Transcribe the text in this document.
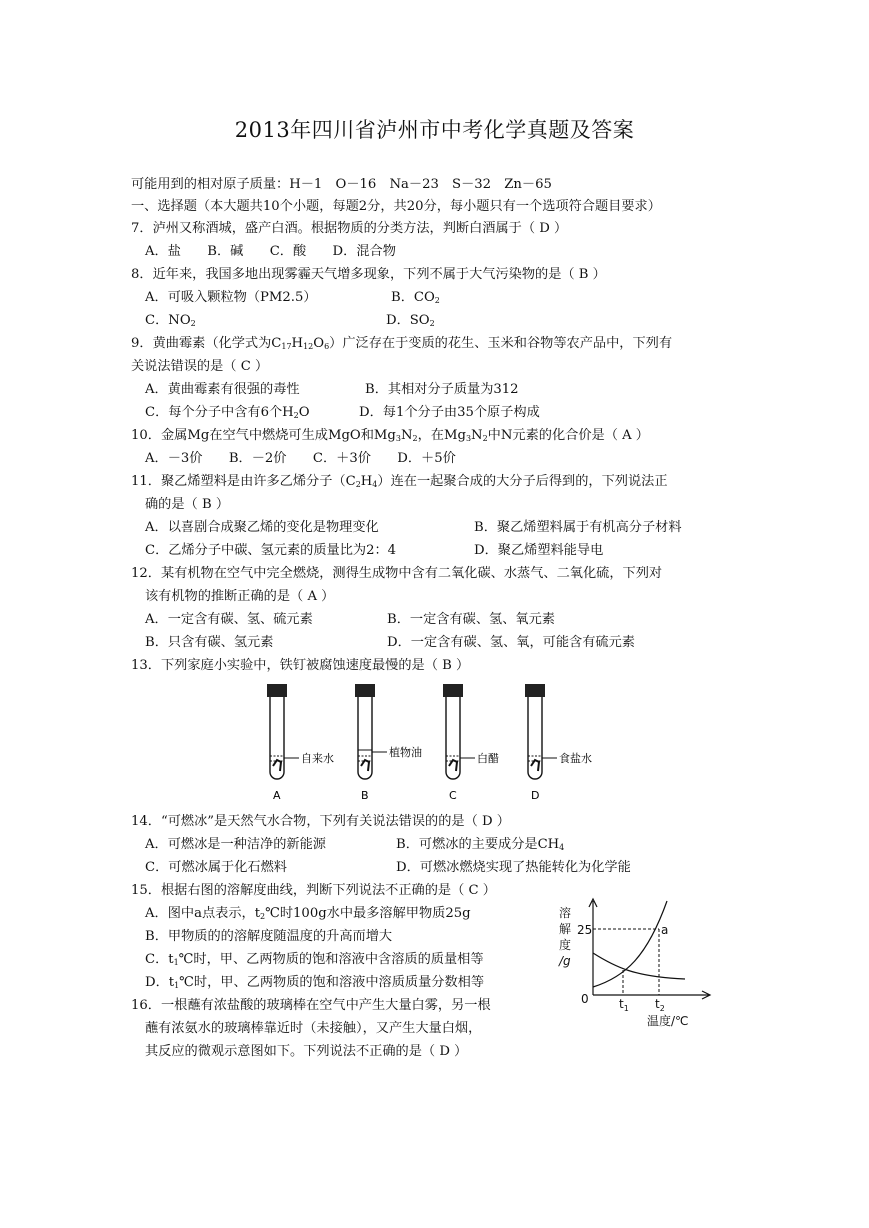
2013年四川省泸州市中考化学真题及答案
可能用到的相对原子质量：H－1　O－16　Na－23　S－32　Zn－65
一、选择题（本大题共10个小题，每题2分，共20分，每小题只有一个选项符合题目要求）
7．泸州又称酒城，盛产白酒。根据物质的分类方法，判断白酒属于（ D ）
A．盐　　B．碱　　C．酸　　D．混合物
8．近年来，我国多地出现雾霾天气增多现象，下列不属于大气污染物的是（ B ）
A．可吸入颗粒物（PM2.5）	B．$CO_2$
C．$NO_2$	D．$SO_2$
9．黄曲霉素（化学式为$C_{17}H_{12}O_6$）广泛存在于变质的花生、玉米和谷物等农产品中，下列有
关说法错误的是（ C ）
A．黄曲霉素有很强的毒性	B．其相对分子质量为312
C．每个分子中含有6个$H_2O$	D．每1个分子由35个原子构成
10．金属Mg在空气中燃烧可生成MgO和$Mg_3N_2$，在$Mg_3N_2$中N元素的化合价是（ A ）
A．－3价　　B．－2价　　C．＋3价　　D．＋5价
11．聚乙烯塑料是由许多乙烯分子$(C_2H_4)$连在一起聚合成的大分子后得到的，下列说法正
确的是（ B ）
A．以喜剧合成聚乙烯的变化是物理变化	B．聚乙烯塑料属于有机高分子材料
C．乙烯分子中碳、氢元素的质量比为2：4	D．聚乙烯塑料能导电
12．某有机物在空气中完全燃烧，测得生成物中含有二氧化碳、水蒸气、二氧化硫，下列对
该有机物的推断正确的是（ A ）
A．一定含有碳、氢、硫元素	B．一定含有碳、氢、氧元素
B．只含有碳、氢元素	D．一定含有碳、氢、氧，可能含有硫元素
13．下列家庭小实验中，铁钉被腐蚀速度最慢的是（ B ）
自来水
A
植物油
B
白醋
C
食盐水
D
14．“可燃冰”是天然气水合物，下列有关说法错误的的是（ D ）
A．可燃冰是一种洁净的新能源	B．可燃冰的主要成分是$CH_4$
C．可燃冰属于化石燃料	D．可燃冰燃烧实现了热能转化为化学能
15．根据右图的溶解度曲线，判断下列说法不正确的是（ C ）
A．图中a点表示，$t_2℃$时100g水中最多溶解甲物质25g
B．甲物质的的溶解度随温度的升高而增大
C．$t_1℃$时，甲、乙两物质的饱和溶液中含溶质的质量相等
D．$t_1℃$时，甲、乙两物质的饱和溶液中溶质质量分数相等
溶
解
度
/g
25	a
0	$t_1$ $t_2$
温度/℃
16．一根蘸有浓盐酸的玻璃棒在空气中产生大量白雾，另一根
蘸有浓氨水的玻璃棒靠近时（未接触），又产生大量白烟，
其反应的微观示意图如下。下列说法不正确的是（ D ）
